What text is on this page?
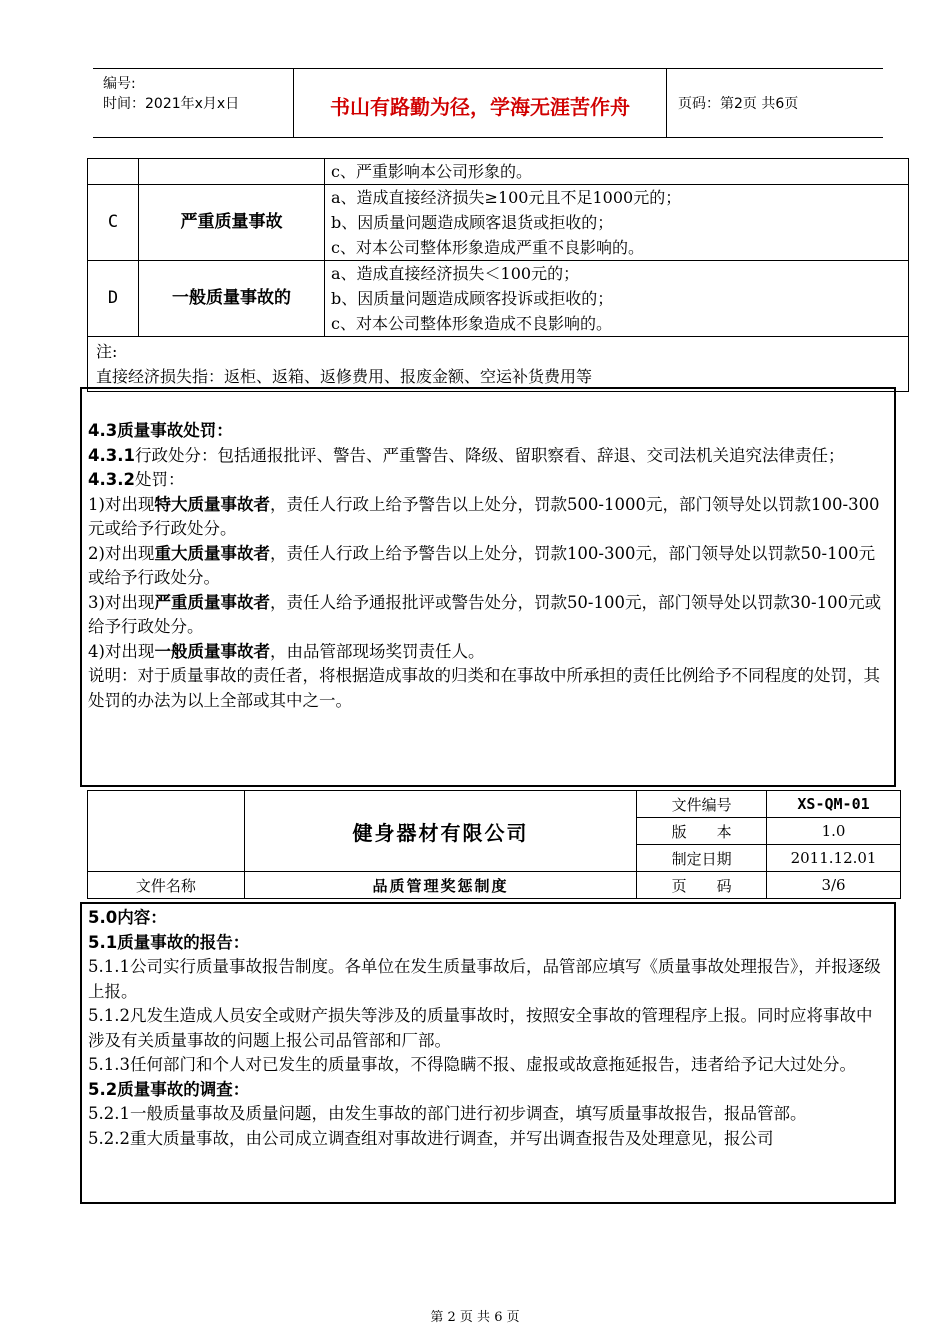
编号:
时间：2021年x月x日	书山有路勤为径，学海无涯苦作舟	页码：第2页 共6页

		c、严重影响本公司形象的。

C	严重质量事故	a、造成直接经济损失≥100元且不足1000元的；
b、因质量问题造成顾客退货或拒收的；
c、对本公司整体形象造成严重不良影响的。

D	一般质量事故的	a、造成直接经济损失＜100元的；
b、因质量问题造成顾客投诉或拒收的；
c、对本公司整体形象造成不良影响的。

注:
直接经济损失指：返柜、返箱、返修费用、报废金额、空运补货费用等		

4.3质量事故处罚：

4.3.1行政处分：包括通报批评、警告、严重警告、降级、留职察看、辞退、交司法机关追究法律责任；

4.3.2处罚：

1)对出现特大质量事故者，责任人行政上给予警告以上处分，罚款500-1000元，部门领导处以罚款100-300元或给予行政处分。

2)对出现重大质量事故者，责任人行政上给予警告以上处分，罚款100-300元，部门领导处以罚款50-100元或给予行政处分。

3)对出现严重质量事故者，责任人给予通报批评或警告处分，罚款50-100元，部门领导处以罚款30-100元或给予行政处分。

4)对出现一般质量事故者，由品管部现场奖罚责任人。

说明：对于质量事故的责任者，将根据造成事故的归类和在事故中所承担的责任比例给予不同程度的处罚，其处罚的办法为以上全部或其中之一。

	健身器材有限公司	文件编号	XS-QM-01
		版　　本	1.0
		制定日期	2011.12.01
文件名称	品质管理奖惩制度	页　　码	3/6

5.0内容：

5.1质量事故的报告：

5.1.1公司实行质量事故报告制度。各单位在发生质量事故后，品管部应填写《质量事故处理报告》，并报逐级上报。

5.1.2凡发生造成人员安全或财产损失等涉及的质量事故时，按照安全事故的管理程序上报。同时应将事故中涉及有关质量事故的问题上报公司品管部和厂部。

5.1.3任何部门和个人对已发生的质量事故，不得隐瞒不报、虚报或故意拖延报告，违者给予记大过处分。

5.2质量事故的调查：

5.2.1一般质量事故及质量问题，由发生事故的部门进行初步调查，填写质量事故报告，报品管部。

5.2.2重大质量事故，由公司成立调查组对事故进行调查，并写出调查报告及处理意见，报公司

第 2 页 共 6 页
